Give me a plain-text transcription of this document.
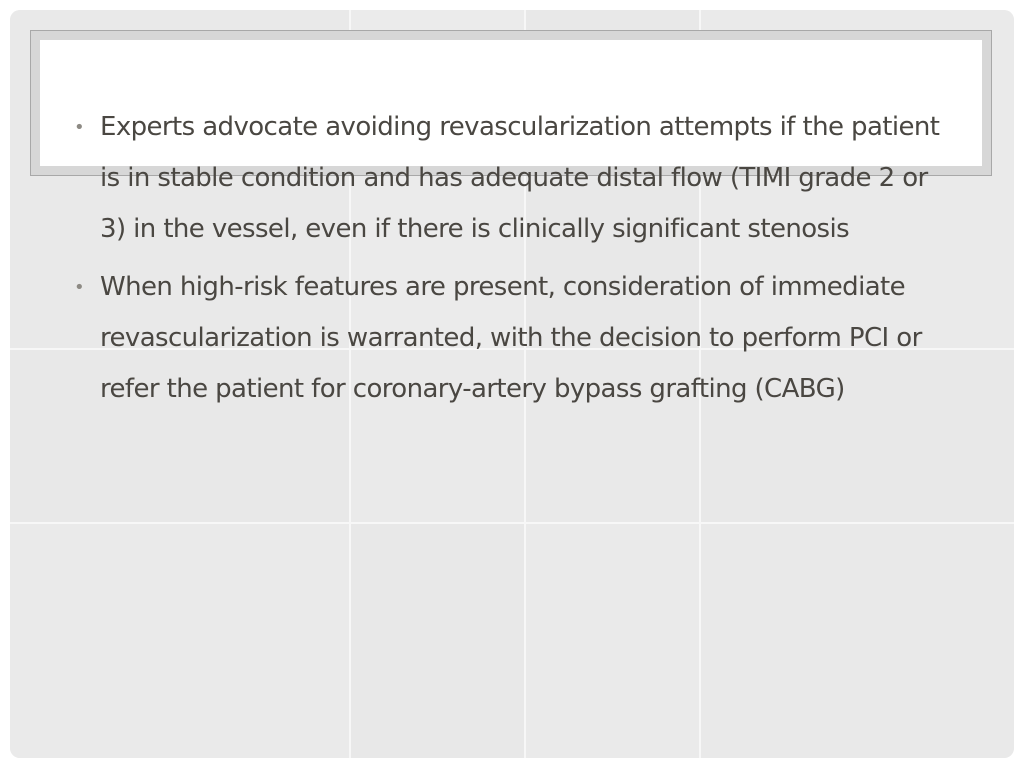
• Experts advocate avoiding revascularization attempts if the patient is in stable condition and has adequate distal flow (TIMI grade 2 or 3) in the vessel, even if there is clinically significant stenosis
• When high-risk features are present, consideration of immediate revascularization is warranted, with the decision to perform PCI or refer the patient for coronary-artery bypass grafting (CABG)
